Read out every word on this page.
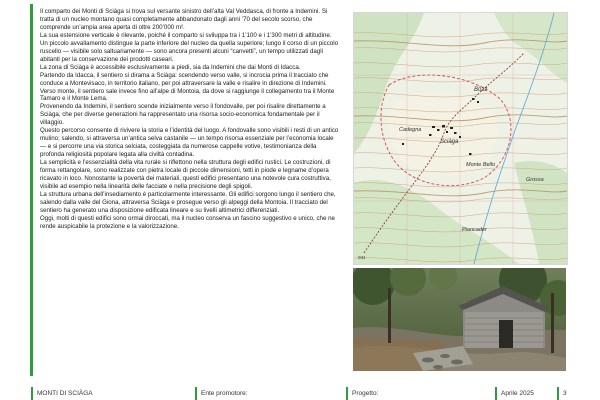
Il comparto dei Monti di Sciàga si trova sul versante sinistro dell’alta Val Veddasca, di fronte a Indemini. Si tratta di un nucleo montano quasi completamente abbandonato dagli anni ’70 del secolo scorso, che comprende un’ampia area aperta di oltre 200’000 m².

La sua estensione verticale è rilevante, poiché il comparto si sviluppa tra i 1’100 e i 1’300 metri di altitudine. Un piccolo avvallamento distingue la parte inferiore del nucleo da quella superiore; lungo il corso di un piccolo ruscello — visibile solo saltuariamente — sono ancora presenti alcuni “canvetti”, un tempo utilizzati dagli abitanti per la conservazione dei prodotti caseari.

La zona di Sciàga è accessibile esclusivamente a piedi, sia da Indemini che dai Monti di Idacca.

Partendo da Idacca, il sentiero si dirama a Sciàga: scendendo verso valle, si incrocia prima il tracciato che conduce a Montevisaco, in territorio italiano, per poi attraversare la valle e risalire in direzione di Indemini. Verso monte, il sentiero sale invece fino all’alpe di Montoia, da dove si raggiunge il collegamento tra il Monte Tamaro e il Monte Lema.

Provenendo da Indemini, il sentiero scende inizialmente verso il fondovalle, per poi risalire direttamente a Sciàga, che per diverse generazioni ha rappresentato una risorsa socio-economica fondamentale per il villaggio.

Questo percorso consente di rivivere la storia e l’identità del luogo. A fondovalle sono visibili i resti di un antico mulino; salendo, si attraversa un’antica selva castanile — un tempo risorsa essenziale per l’economia locale — e si percorre una via storica selciata, costeggiata da numerose cappelle votive, testimonianza della profonda religiosità popolare legata alla civiltà contadina.

La semplicità e l’essenzialità della vita rurale si riflettono nella struttura degli edifici rustici. Le costruzioni, di forma rettangolare, sono realizzate con pietra locale di piccole dimensioni, tetti in piode e legname d’opera ricavato in loco. Nonostante la povertà dei materiali, questi edifici presentano una notevole cura costruttiva, visibile ad esempio nella linearità delle facciate e nella precisione degli spigoli.

La struttura urbana dell’insediamento è particolarmente interessante. Gli edifici sorgono lungo il sentiero che, salendo dalla valle del Giona, attraversa Sciàga e prosegue verso gli alpeggi della Montoia. Il tracciato del sentiero ha generato una disposizione edificata lineare e su livelli altimetrici differenziati.

Oggi, molti di questi edifici sono ormai diroccati, ma il nucleo conserva un fascino suggestivo e unico, che ne rende auspicabile la protezione e la valorizzazione.

Bözz
Cadegna
Sciàga
Monte Bello
Grossa
Piancader
941
MONTI DI SCIÀGA	Ente promotore:	Progetto:	Aprile 2025	3
